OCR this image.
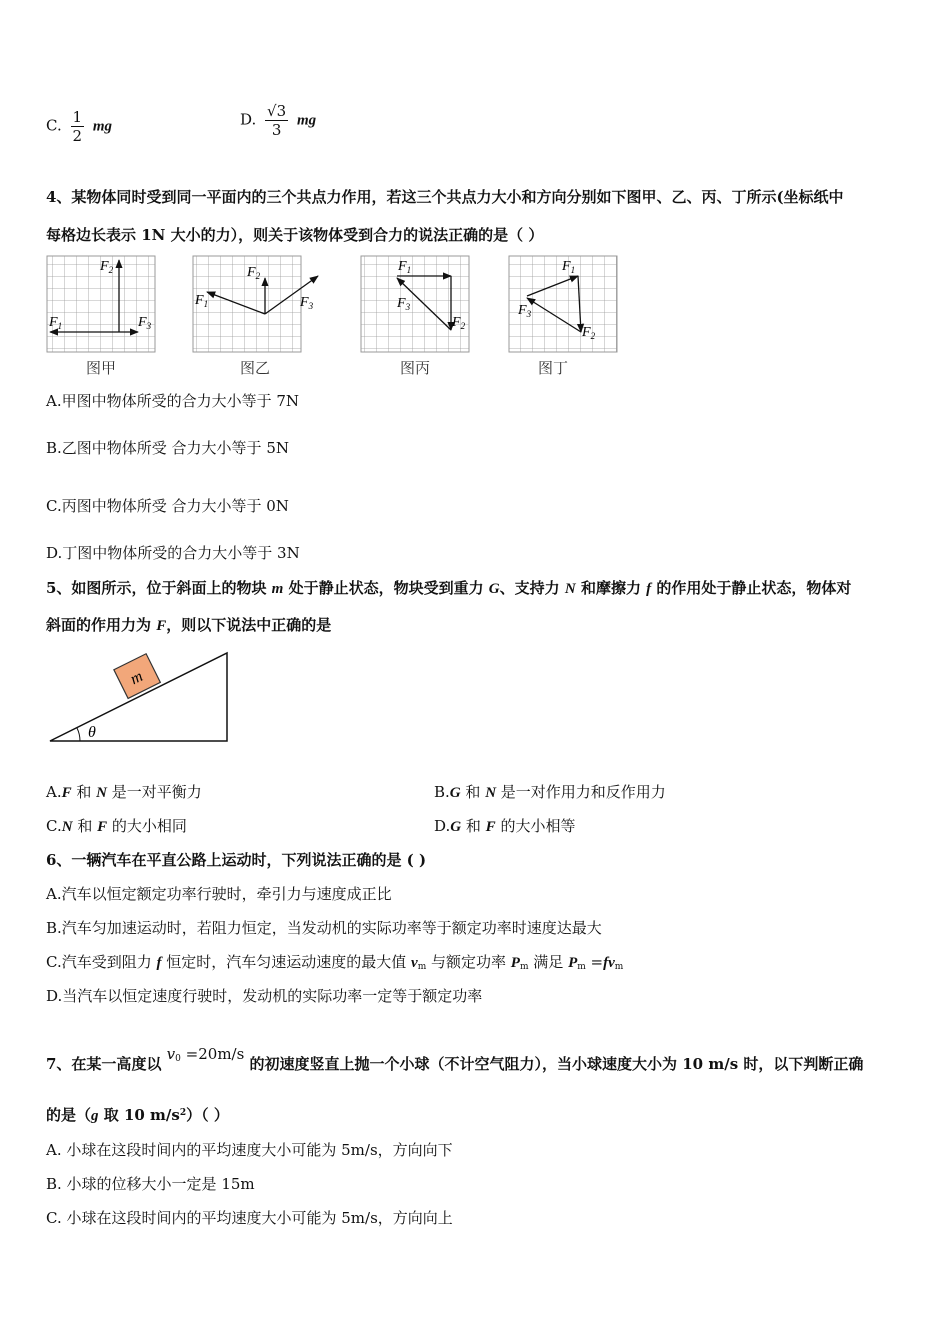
C. $\frac{1}{2}$ mg	D. $\frac{√3}{3}$ mg
4、某物体同时受到同一平面内的三个共点力作用，若这三个共点力大小和方向分别如下图甲、乙、丙、丁所示(坐标纸中
每格边长表示 1N 大小的力），则关于该物体受到合力的说法正确的是（ ）
$F_2$
$F_1$	$F_3$
$F_2$
$F_1$	$F_3$
$F_1$
$F_2$
$F_3$
$F_1$
$F_2$
$F_3$
图甲	图乙	图丙	图丁
A.甲图中物体所受的合力大小等于 7N
B.乙图中物体所受 合力大小等于 5N
C.丙图中物体所受 合力大小等于 0N
D.丁图中物体所受的合力大小等于 3N
5、如图所示，位于斜面上的物块 m 处于静止状态，物块受到重力 G、支持力 N 和摩擦力 f 的作用处于静止状态，物体对
斜面的作用力为 F，则以下说法中正确的是
m
θ
A.F 和 N 是一对平衡力	B.G 和 N 是一对作用力和反作用力
C.N 和 F 的大小相同	D.G 和 F 的大小相等
6、一辆汽车在平直公路上运动时，下列说法正确的是 ( )
A.汽车以恒定额定功率行驶时，牵引力与速度成正比
B.汽车匀加速运动时，若阻力恒定，当发动机的实际功率等于额定功率时速度达最大
C.汽车受到阻力 f 恒定时，汽车匀速运动速度的最大值 $v_m$ 与额定功率 $P_m$ 满足 $P_m =fv_m$
D.当汽车以恒定速度行驶时，发动机的实际功率一定等于额定功率
7、在某一高度以 $v_0 =20m/s$ 的初速度竖直上抛一个小球（不计空气阻力），当小球速度大小为 10 m/s 时，以下判断正确
的是（g 取 10 $m/s^2$）（ ）
A. 小球在这段时间内的平均速度大小可能为 5m/s，方向向下
B. 小球的位移大小一定是 15m
C. 小球在这段时间内的平均速度大小可能为 5m/s，方向向上
